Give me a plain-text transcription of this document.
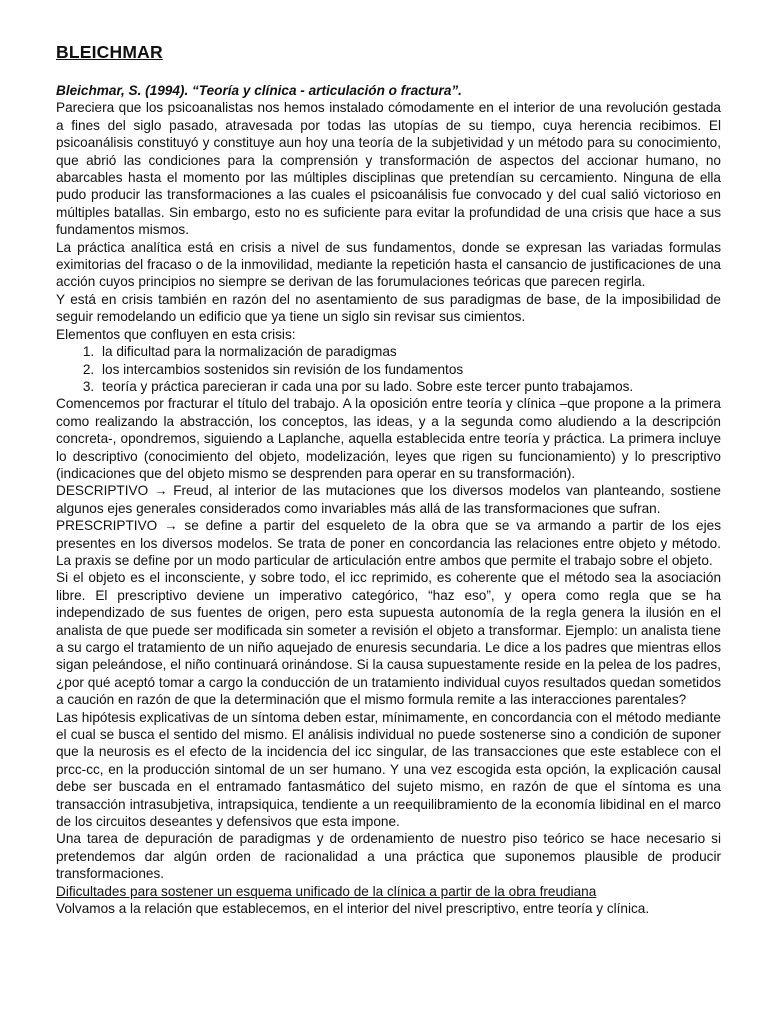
BLEICHMAR

Bleichmar, S. (1994). “Teoría y clínica - articulación o fractura”.

Pareciera que los psicoanalistas nos hemos instalado cómodamente en el interior de una revolución gestada a fines del siglo pasado, atravesada por todas las utopías de su tiempo, cuya herencia recibimos. El psicoanálisis constituyó y constituye aun hoy una teoría de la subjetividad y un método para su conocimiento, que abrió las condiciones para la comprensión y transformación de aspectos del accionar humano, no abarcables hasta el momento por las múltiples disciplinas que pretendían su cercamiento. Ninguna de ella pudo producir las transformaciones a las cuales el psicoanálisis fue convocado y del cual salió victorioso en múltiples batallas. Sin embargo, esto no es suficiente para evitar la profundidad de una crisis que hace a sus fundamentos mismos.

La práctica analítica está en crisis a nivel de sus fundamentos, donde se expresan las variadas formulas eximitorias del fracaso o de la inmovilidad, mediante la repetición hasta el cansancio de justificaciones de una acción cuyos principios no siempre se derivan de las forumulaciones teóricas que parecen regirla.

Y está en crisis también en razón del no asentamiento de sus paradigmas de base, de la imposibilidad de seguir remodelando un edificio que ya tiene un siglo sin revisar sus cimientos.

Elementos que confluyen en esta crisis:

1. la dificultad para la normalización de paradigmas
2. los intercambios sostenidos sin revisión de los fundamentos
3. teoría y práctica parecieran ir cada una por su lado. Sobre este tercer punto trabajamos.

Comencemos por fracturar el título del trabajo. A la oposición entre teoría y clínica –que propone a la primera como realizando la abstracción, los conceptos, las ideas, y a la segunda como aludiendo a la descripción concreta-, opondremos, siguiendo a Laplanche, aquella establecida entre teoría y práctica. La primera incluye lo descriptivo (conocimiento del objeto, modelización, leyes que rigen su funcionamiento) y lo prescriptivo (indicaciones que del objeto mismo se desprenden para operar en su transformación).

DESCRIPTIVO → Freud, al interior de las mutaciones que los diversos modelos van planteando, sostiene algunos ejes generales considerados como invariables más allá de las transformaciones que sufran.

PRESCRIPTIVO → se define a partir del esqueleto de la obra que se va armando a partir de los ejes presentes en los diversos modelos. Se trata de poner en concordancia las relaciones entre objeto y método. La praxis se define por un modo particular de articulación entre ambos que permite el trabajo sobre el objeto.

Si el objeto es el inconsciente, y sobre todo, el icc reprimido, es coherente que el método sea la asociación libre. El prescriptivo deviene un imperativo categórico, “haz eso”, y opera como regla que se ha independizado de sus fuentes de origen, pero esta supuesta autonomía de la regla genera la ilusión en el analista de que puede ser modificada sin someter a revisión el objeto a transformar. Ejemplo: un analista tiene a su cargo el tratamiento de un niño aquejado de enuresis secundaria. Le dice a los padres que mientras ellos sigan peleándose, el niño continuará orinándose. Si la causa supuestamente reside en la pelea de los padres, ¿por qué aceptó tomar a cargo la conducción de un tratamiento individual cuyos resultados quedan sometidos a caución en razón de que la determinación que el mismo formula remite a las interacciones parentales?

Las hipótesis explicativas de un síntoma deben estar, mínimamente, en concordancia con el método mediante el cual se busca el sentido del mismo. El análisis individual no puede sostenerse sino a condición de suponer que la neurosis es el efecto de la incidencia del icc singular, de las transacciones que este establece con el prcc-cc, en la producción sintomal de un ser humano. Y una vez escogida esta opción, la explicación causal debe ser buscada en el entramado fantasmático del sujeto mismo, en razón de que el síntoma es una transacción intrasubjetiva, intrapsiquica, tendiente a un reequilibramiento de la economía libidinal en el marco de los circuitos deseantes y defensivos que esta impone.

Una tarea de depuración de paradigmas y de ordenamiento de nuestro piso teórico se hace necesario si pretendemos dar algún orden de racionalidad a una práctica que suponemos plausible de producir transformaciones.

Dificultades para sostener un esquema unificado de la clínica a partir de la obra freudiana

Volvamos a la relación que establecemos, en el interior del nivel prescriptivo, entre teoría y clínica.
